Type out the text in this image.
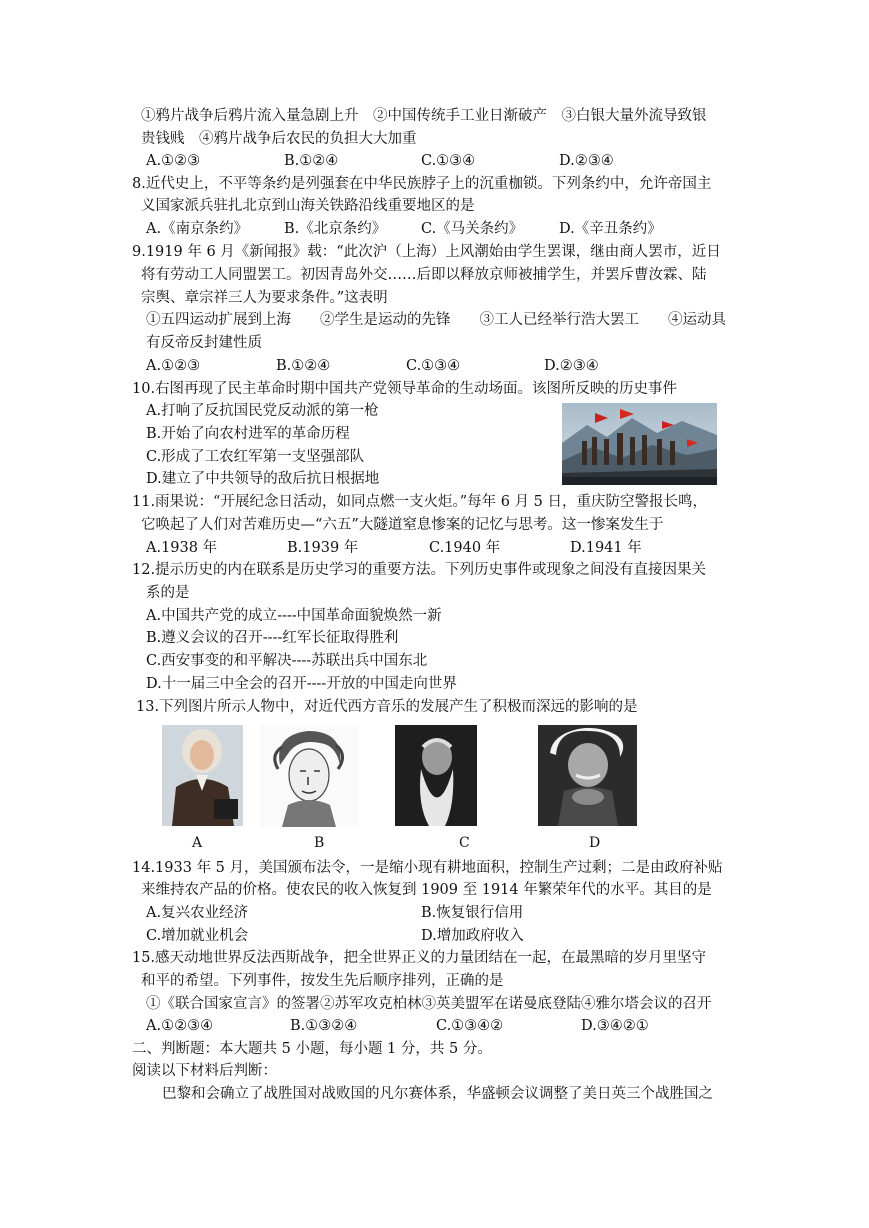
①鸦片战争后鸦片流入量急剧上升　②中国传统手工业日渐破产　③白银大量外流导致银
贵钱贱　④鸦片战争后农民的负担大大加重
A.①②③	B.①②④	C.①③④	D.②③④
8.近代史上，不平等条约是列强套在中华民族脖子上的沉重枷锁。下列条约中，允许帝国主
义国家派兵驻扎北京到山海关铁路沿线重要地区的是
A.《南京条约》 B.《北京条约》 C.《马关条约》 D.《辛丑条约》
9.1919 年 6 月《新闻报》载：“此次沪（上海）上风潮始由学生罢课，继由商人罢市，近日
将有劳动工人同盟罢工。初因青岛外交……后即以释放京师被捕学生，并罢斥曹汝霖、陆
宗舆、章宗祥三人为要求条件。”这表明
①五四运动扩展到上海　　②学生是运动的先锋　　③工人已经举行浩大罢工　　④运动具
有反帝反封建性质
A.①②③	B.①②④	C.①③④	D.②③④
10.右图再现了民主革命时期中国共产党领导革命的生动场面。该图所反映的历史事件
A.打响了反抗国民党反动派的第一枪
B.开始了向农村进军的革命历程
C.形成了工农红军第一支坚强部队
D.建立了中共领导的敌后抗日根据地
11.雨果说：“开展纪念日活动，如同点燃一支火炬。”每年 6 月 5 日，重庆防空警报长鸣，
它唤起了人们对苦难历史—“六五”大隧道窒息惨案的记忆与思考。这一惨案发生于
A.1938 年	B.1939 年	C.1940 年	D.1941 年
12.提示历史的内在联系是历史学习的重要方法。下列历史事件或现象之间没有直接因果关
系的是
A.中国共产党的成立----中国革命面貌焕然一新
B.遵义会议的召开----红军长征取得胜利
C.西安事变的和平解决----苏联出兵中国东北
D.十一届三中全会的召开----开放的中国走向世界
13.下列图片所示人物中，对近代西方音乐的发展产生了积极而深远的影响的是
A	B	C	D
14.1933 年 5 月，美国颁布法令，一是缩小现有耕地面积，控制生产过剩；二是由政府补贴
来维持农产品的价格。使农民的收入恢复到 1909 至 1914 年繁荣年代的水平。其目的是
A.复兴农业经济	B.恢复银行信用
C.增加就业机会	D.增加政府收入
15.感天动地世界反法西斯战争，把全世界正义的力量团结在一起，在最黑暗的岁月里坚守
和平的希望。下列事件，按发生先后顺序排列，正确的是
①《联合国家宣言》的签署②苏军攻克柏林③英美盟军在诺曼底登陆④雅尔塔会议的召开
A.①②③④	B.①③②④	C.①③④②	D.③④②①
二、判断题：本大题共 5 小题，每小题 1 分，共 5 分。
阅读以下材料后判断：
巴黎和会确立了战胜国对战败国的凡尔赛体系，华盛顿会议调整了美日英三个战胜国之
